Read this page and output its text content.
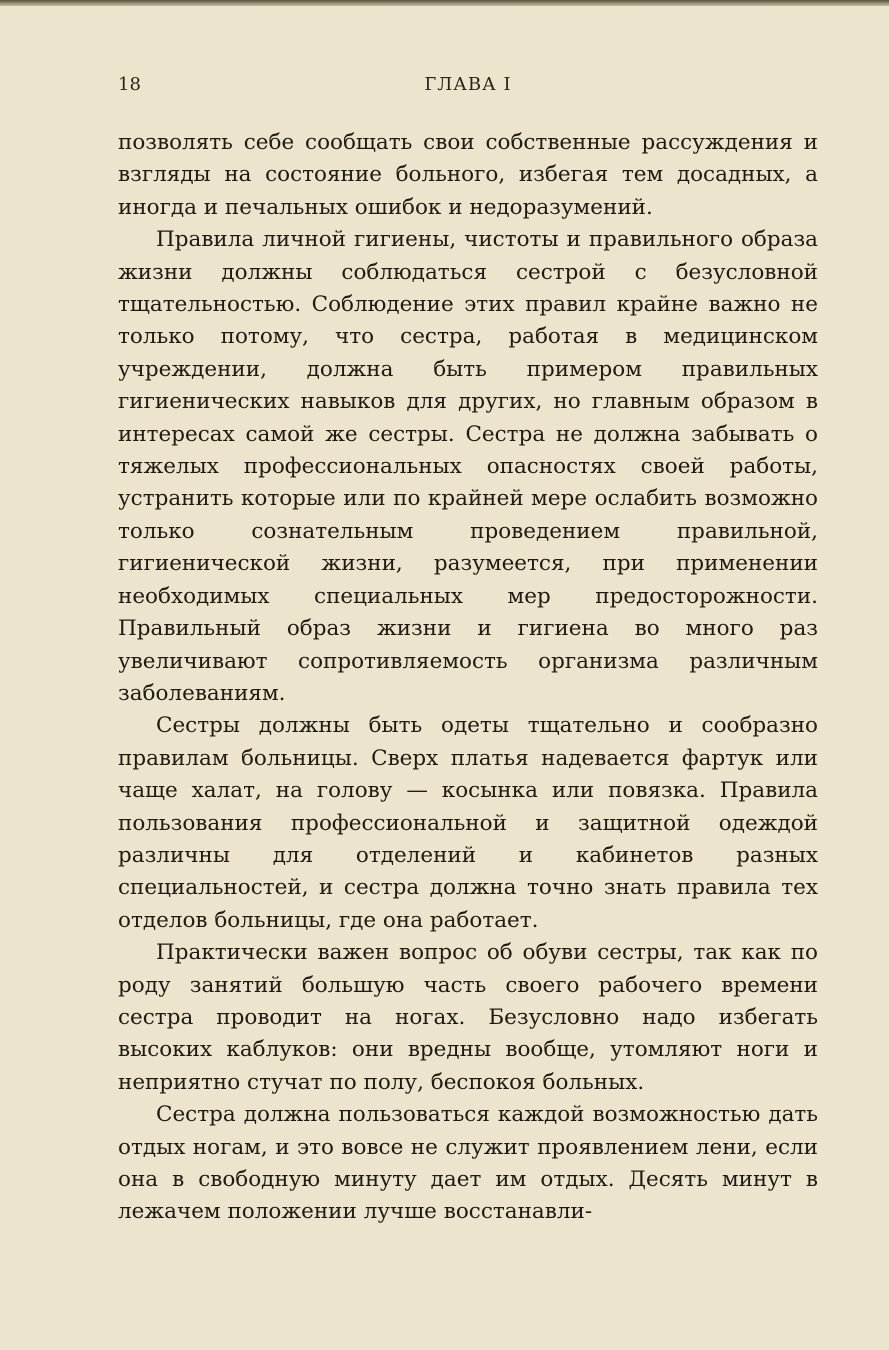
18	ГЛАВА I

позволять себе сообщать свои собственные рассуждения и взгляды на состояние больного, избегая тем досадных, а иногда и печальных ошибок и недоразумений.

Правила личной гигиены, чистоты и правильного образа жизни должны соблюдаться сестрой с безусловной тщательностью. Соблюдение этих правил крайне важно не только потому, что сестра, работая в медицинском учреждении, должна быть примером правильных гигиенических навыков для других, но главным образом в интересах самой же сестры. Сестра не должна забывать о тяжелых профессиональных опасностях своей работы, устранить которые или по крайней мере ослабить возможно только сознательным проведением правильной, гигиенической жизни, разумеется, при применении необходимых специальных мер предосторожности. Правильный образ жизни и гигиена во много раз увеличивают сопротивляемость организма различным заболеваниям.

Сестры должны быть одеты тщательно и сообразно правилам больницы. Сверх платья надевается фартук или чаще халат, на голову — косынка или повязка. Правила пользования профессиональной и защитной одеждой различны для отделений и кабинетов разных специальностей, и сестра должна точно знать правила тех отделов больницы, где она работает.

Практически важен вопрос об обуви сестры, так как по роду занятий большую часть своего рабочего времени сестра проводит на ногах. Безусловно надо избегать высоких каблуков: они вредны вообще, утомляют ноги и неприятно стучат по полу, беспокоя больных.

Сестра должна пользоваться каждой возможностью дать отдых ногам, и это вовсе не служит проявлением лени, если она в свободную минуту дает им отдых. Десять минут в лежачем положении лучше восстанавли-
